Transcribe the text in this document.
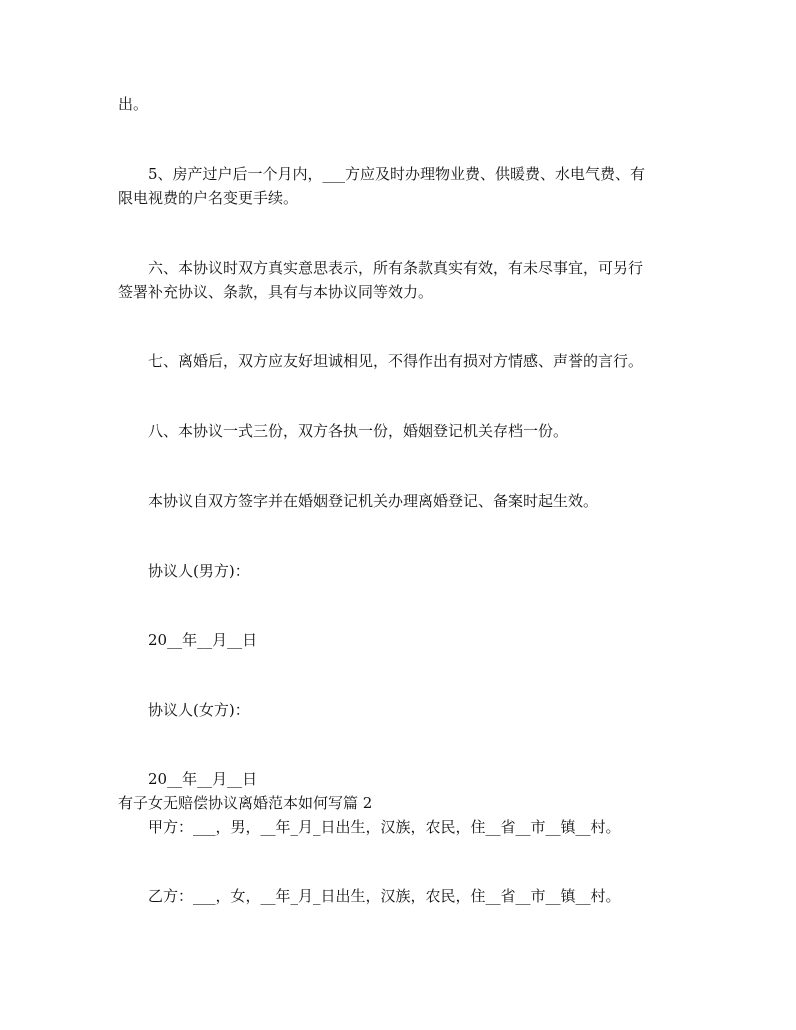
出。

5、房产过户后一个月内，___方应及时办理物业费、供暖费、水电气费、有

限电视费的户名变更手续。

六、本协议时双方真实意思表示，所有条款真实有效，有未尽事宜，可另行

签署补充协议、条款，具有与本协议同等效力。

七、离婚后，双方应友好坦诚相见，不得作出有损对方情感、声誉的言行。

八、本协议一式三份，双方各执一份，婚姻登记机关存档一份。

本协议自双方签字并在婚姻登记机关办理离婚登记、备案时起生效。

协议人(男方)：

20__年__月__日

协议人(女方)：

20__年__月__日

有子女无赔偿协议离婚范本如何写篇 2

甲方：___，男，__年_月_日出生，汉族，农民，住__省__市__镇__村。

乙方：___，女，__年_月_日出生，汉族，农民，住__省__市__镇__村。
